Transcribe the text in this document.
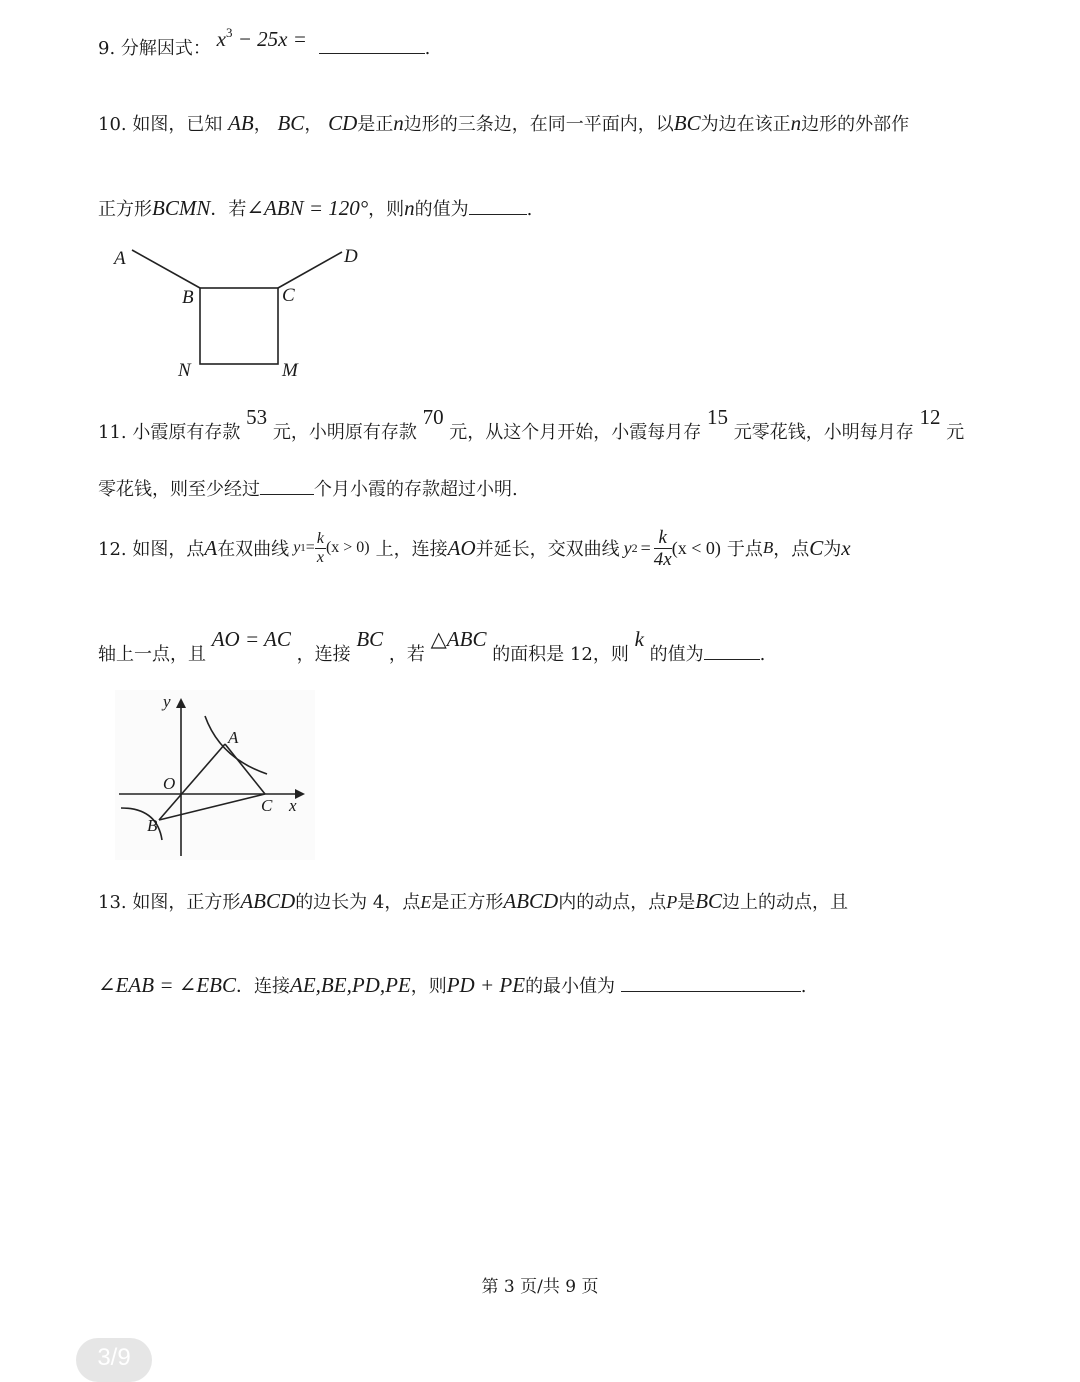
9. 分解因式： $x^3 - 25x$ =	.
10. 如图，已知 AB， BC， CD是正n边形的三条边，在同一平面内，以BC为边在该正n边形的外部作
正方形BCMN．若∠ABN = 120°，则n的值为	.
A	D
B	C
N	M
11. 小霞原有存款 53 元，小明原有存款 70 元，从这个月开始，小霞每月存 15 元零花钱，小明每月存 12 元
零花钱，则至少经过	个月小霞的存款超过小明.
12. 如图，点 A 在双曲线 y $1 = \frac{k}{x} (x > 0)$ 上，连接 AO 并延长，交双曲线 y $2 = \frac{k}{4x} (x < 0)$ 于点 B ，点 C 为 x
轴上一点，且 AO = AC ，连接 BC ，若 △ABC 的面积是 12，则 k 的值为	.
y
A
O
C x
B
13. 如图，正方形ABCD的边长为 4，点E是正方形ABCD内的动点，点P是BC边上的动点，且
∠EAB = ∠EBC．连接AE,BE,PD,PE，则PD + PE的最小值为	.
第 3 页/共 9 页
3/9
